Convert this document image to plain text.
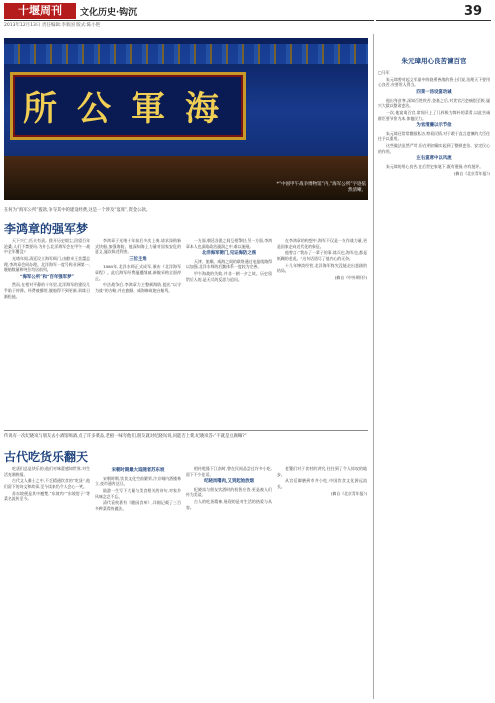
十堰周刊	文化历史·钩沉
2013年12月13日 责任编辑:李新国 版式:陈小艳
39
所 公 軍 海
*“中国甲午战争博物馆”内,“海军公所”字迹依然清晰。
在何为“海军公所”拨款,争夺其中的建设经费,这是一个涉及“宴席”,资金公款。
李鸿章的强军梦

天下兴亡,匹夫有责。拨开历史烟尘,回望百年沧桑,人们不禁要问:为什么北洋海军会在甲午一战中全军覆没?

光绪年间,清廷设立海军衙门,由醇亲王奕譞总理,李鸿章会同办理。北洋海军一度号称亚洲第一,舰船数量和吨位均居前列。

“海军公所”和“百年强军梦”

然而,在相对平静的十年里,北洋海军的建设几乎陷于停滞。经费被挪用,舰船得不到更新,训练日渐松弛。

李鸿章于光绪十年前后多次上奏,请求添购新式快船,加强海防。他深知海上力量对国家安危的意义,屡次陈述利害。

三位主角

1888年,北洋水师正式成军,颁布《北洋海军章程》。此后海军经费屡遭削减,新舰采购全面停止。

中法战争后,李鸿章力主整顿海防,提出“以守为战”的方略,并在旅顺、威海修筑炮台船坞。

一方面,朝廷各派之间互相掣肘;另一方面,李鸿章本人也深陷政治漩涡之中,难以施展。

北洋海军衙门,见证海防之殇

天津、旅顺、威海之间的联络通过电报线路得以加强,北洋水师的后勤体系一度较为完善。

甲午海战的失败,并非一朝一夕之故。历史留给后人的,是无尽的反思与追问。

在李鸿章的构想中,海军不仅是一支作战力量,更是国家走向近代化的象征。

他曾言:“我办了一辈子的事,练兵也,海军也,都是纸糊的老虎。”这句话道尽了他内心的无奈。

十几年惨淡经营,北洋海军终究没能走出悲剧的结局。

(摘自《中外期刊》)

传说有一次纪晓岚与朋友去小酒馆喝酒,点了许多菜品,老板一味夸他们,朋友就对纪晓岚说,问能否上菜,纪晓岚答:“不就是豆腐嘛?”
古代吃货乐翻天

吃货们总是快乐的;他们对味蕾感知世界,对生活充满热情。

古代文人雅士之中,不乏精通饮食的“吃货”,他们留下的诗文和故事,至今读来仍令人会心一笑。

苏东坡便是其中翘楚,“东坡肉”“东坡肘子”等菜名流传至今。

宋朝时期最大追随者苏东坡

宋朝时期,饮食文化空前繁荣,汴京城内酒楼林立,夜市通宵达旦。

陆游一生写下大量与美食相关的诗句,对家乡风味念念不忘。

清代袁枚著有《随园食单》,详细记载了三百多种菜肴的做法。

相传乾隆下江南时,曾在民间品尝过许多小吃,留下不少佳话。

纪晓岚嗜肉,又到起始放烟

纪晓岚与朋友饮酒时的机智应答,更是被人们传为美谈。

古人的吃货精神,展现的是对生活的热爱与从容。

老饕们对于食材的讲究,往往到了令人惊叹的地步。

从宫廷御膳到市井小吃,中国饮食文化源远流长。

(摘自《北京青年报》)

朱元璋用心良苦谏百官

□马军

朱元璋曾对起义军最中的骁勇善战的将士们说,治理天下要用心良苦,亦要用人得当。

四菜一汤设宴动诫

他出身贫寒,深知百姓疾苦,登基之后,对贪官污吏痛恨至极,屡兴大狱以整肃吏治。

一次,他宴请百官,席间只上了几样极为简朴的菜肴,以此告诫群臣要节俭为本,体恤民力。

为官清廉以示节俭

朱元璋还常常微服私访,察看民情,对于敢于直言进谏的大臣往往予以重用。

这些做法虽然严苛,但在明初确实起到了整顿吏治、安定民心的作用。

左右宴席中以风流

朱元璋的用心良苦,在后世史家笔下,既有褒扬,亦有批评。

(摘自《北京青年报》)
